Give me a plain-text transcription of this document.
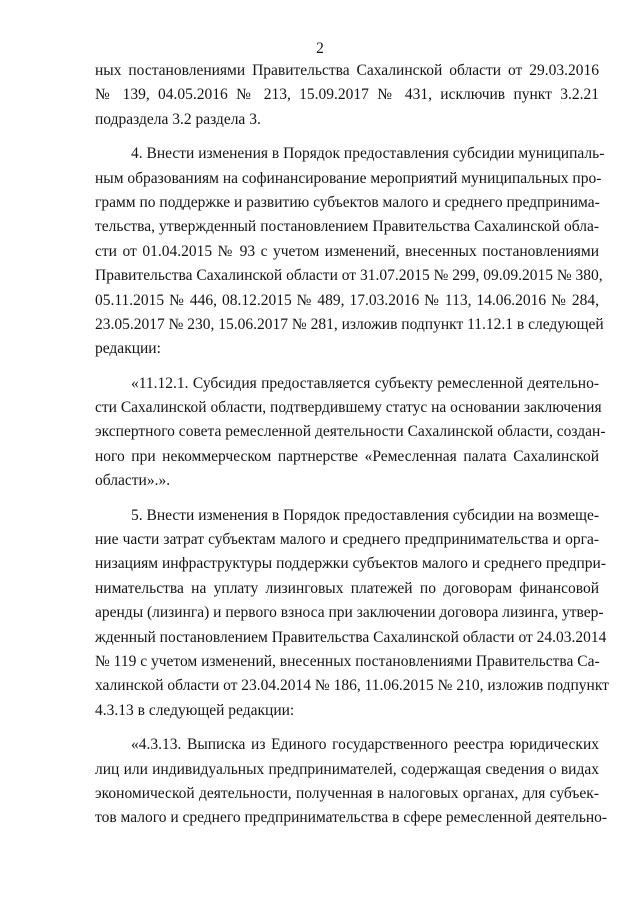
2
ных постановлениями Правительства Сахалинской области от 29.03.2016
№ 139, 04.05.2016 № 213, 15.09.2017 № 431, исключив пункт 3.2.21
подраздела 3.2 раздела 3.
4. Внести изменения в Порядок предоставления субсидии муниципаль-
ным образованиям на софинансирование мероприятий муниципальных про-
грамм по поддержке и развитию субъектов малого и среднего предпринима-
тельства, утвержденный постановлением Правительства Сахалинской обла-
сти от 01.04.2015 № 93 с учетом изменений, внесенных постановлениями
Правительства Сахалинской области от 31.07.2015 № 299, 09.09.2015 № 380,
05.11.2015 № 446, 08.12.2015 № 489, 17.03.2016 № 113, 14.06.2016 № 284,
23.05.2017 № 230, 15.06.2017 № 281, изложив подпункт 11.12.1 в следующей
редакции:
«11.12.1. Субсидия предоставляется субъекту ремесленной деятельно-
сти Сахалинской области, подтвердившему статус на основании заключения
экспертного совета ремесленной деятельности Сахалинской области, создан-
ного при некоммерческом партнерстве «Ремесленная палата Сахалинской
области».».
5. Внести изменения в Порядок предоставления субсидии на возмеще-
ние части затрат субъектам малого и среднего предпринимательства и орга-
низациям инфраструктуры поддержки субъектов малого и среднего предпри-
нимательства на уплату лизинговых платежей по договорам финансовой
аренды (лизинга) и первого взноса при заключении договора лизинга, утвер-
жденный постановлением Правительства Сахалинской области от 24.03.2014
№ 119 с учетом изменений, внесенных постановлениями Правительства Са-
халинской области от 23.04.2014 № 186, 11.06.2015 № 210, изложив подпункт
4.3.13 в следующей редакции:
«4.3.13. Выписка из Единого государственного реестра юридических
лиц или индивидуальных предпринимателей, содержащая сведения о видах
экономической деятельности, полученная в налоговых органах, для субъек-
тов малого и среднего предпринимательства в сфере ремесленной деятельно-
